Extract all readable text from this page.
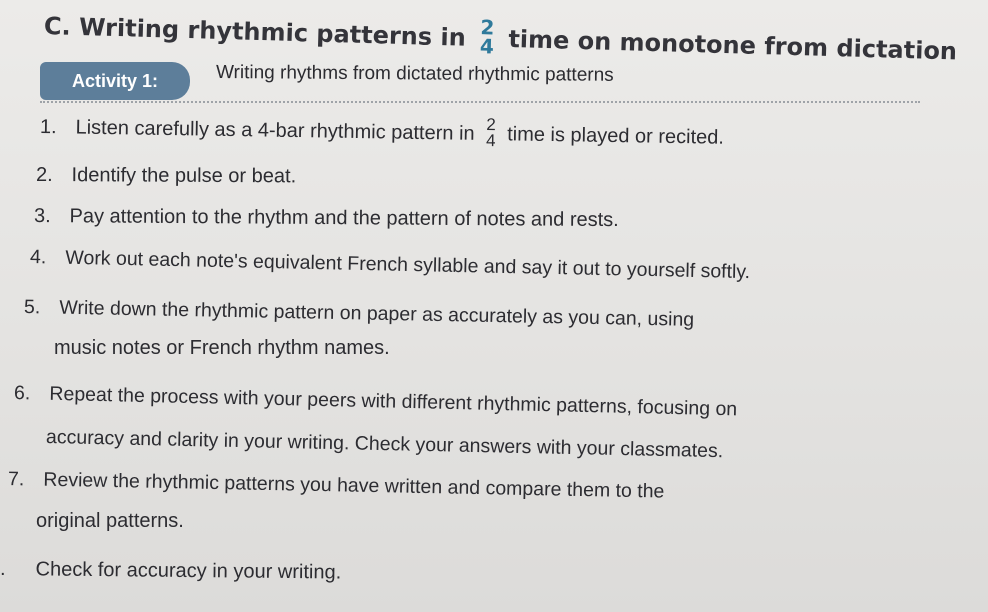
C. Writing rhythmic patterns in 2
4 time on monotone from dictation
Activity 1:	Writing rhythms from dictated rhythmic patterns
1. Listen carefully as a 4-bar rhythmic pattern in 2
4 time is played or recited.
2. Identify the pulse or beat.
3. Pay attention to the rhythm and the pattern of notes and rests.
4. Work out each note's equivalent French syllable and say it out to yourself softly.
5. Write down the rhythmic pattern on paper as accurately as you can, using
music notes or French rhythm names.
6. Repeat the process with your peers with different rhythmic patterns, focusing on
accuracy and clarity in your writing. Check your answers with your classmates.
7. Review the rhythmic patterns you have written and compare them to the
original patterns.
. Check for accuracy in your writing.
